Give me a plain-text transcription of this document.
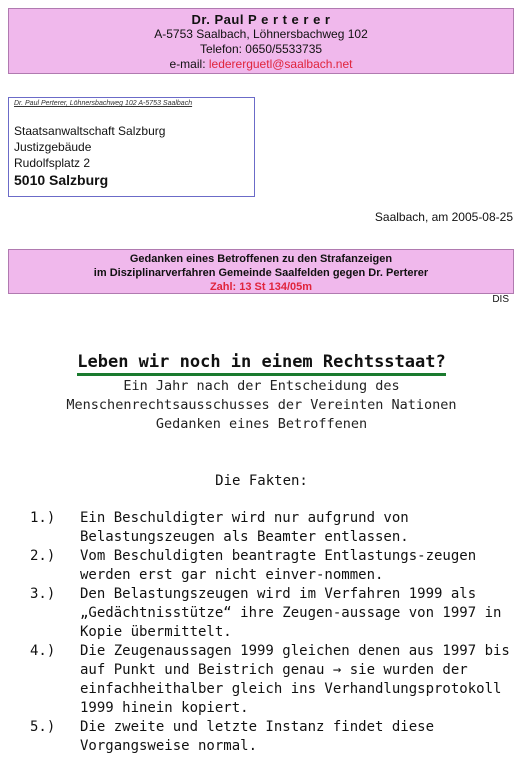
Dr. Paul P e r t e r e r
A-5753 Saalbach, Löhnersbachweg 102
Telefon: 0650/5533735
e-mail: ledererguetl@saalbach.net
Dr. Paul Perterer, Löhnersbachweg 102 A-5753 Saalbach
Staatsanwaltschaft Salzburg
Justizgebäude
Rudolfsplatz 2
5010 Salzburg
Saalbach, am 2005-08-25
Gedanken eines Betroffenen zu den Strafanzeigen
im Disziplinarverfahren Gemeinde Saalfelden gegen Dr. Perterer
Zahl: 13 St 134/05m
DIS
Leben wir noch in einem Rechtsstaat?
Ein Jahr nach der Entscheidung des
Menschenrechtsausschusses der Vereinten Nationen
Gedanken eines Betroffenen
Die Fakten:
1.)	Ein Beschuldigter wird nur aufgrund von Belastungszeugen als Beamter entlassen.
2.)	Vom Beschuldigten beantragte Entlastungs-zeugen werden erst gar nicht einver-nommen.
3.)	Den Belastungszeugen wird im Verfahren 1999 als „Gedächtnisstütze“ ihre Zeugen-aussage von 1997 in Kopie übermittelt.
4.)	Die Zeugenaussagen 1999 gleichen denen aus 1997 bis auf Punkt und Beistrich genau → sie wurden der einfachheithalber gleich ins Verhandlungsprotokoll 1999 hinein kopiert.
5.)	Die zweite und letzte Instanz findet diese Vorgangsweise normal.
